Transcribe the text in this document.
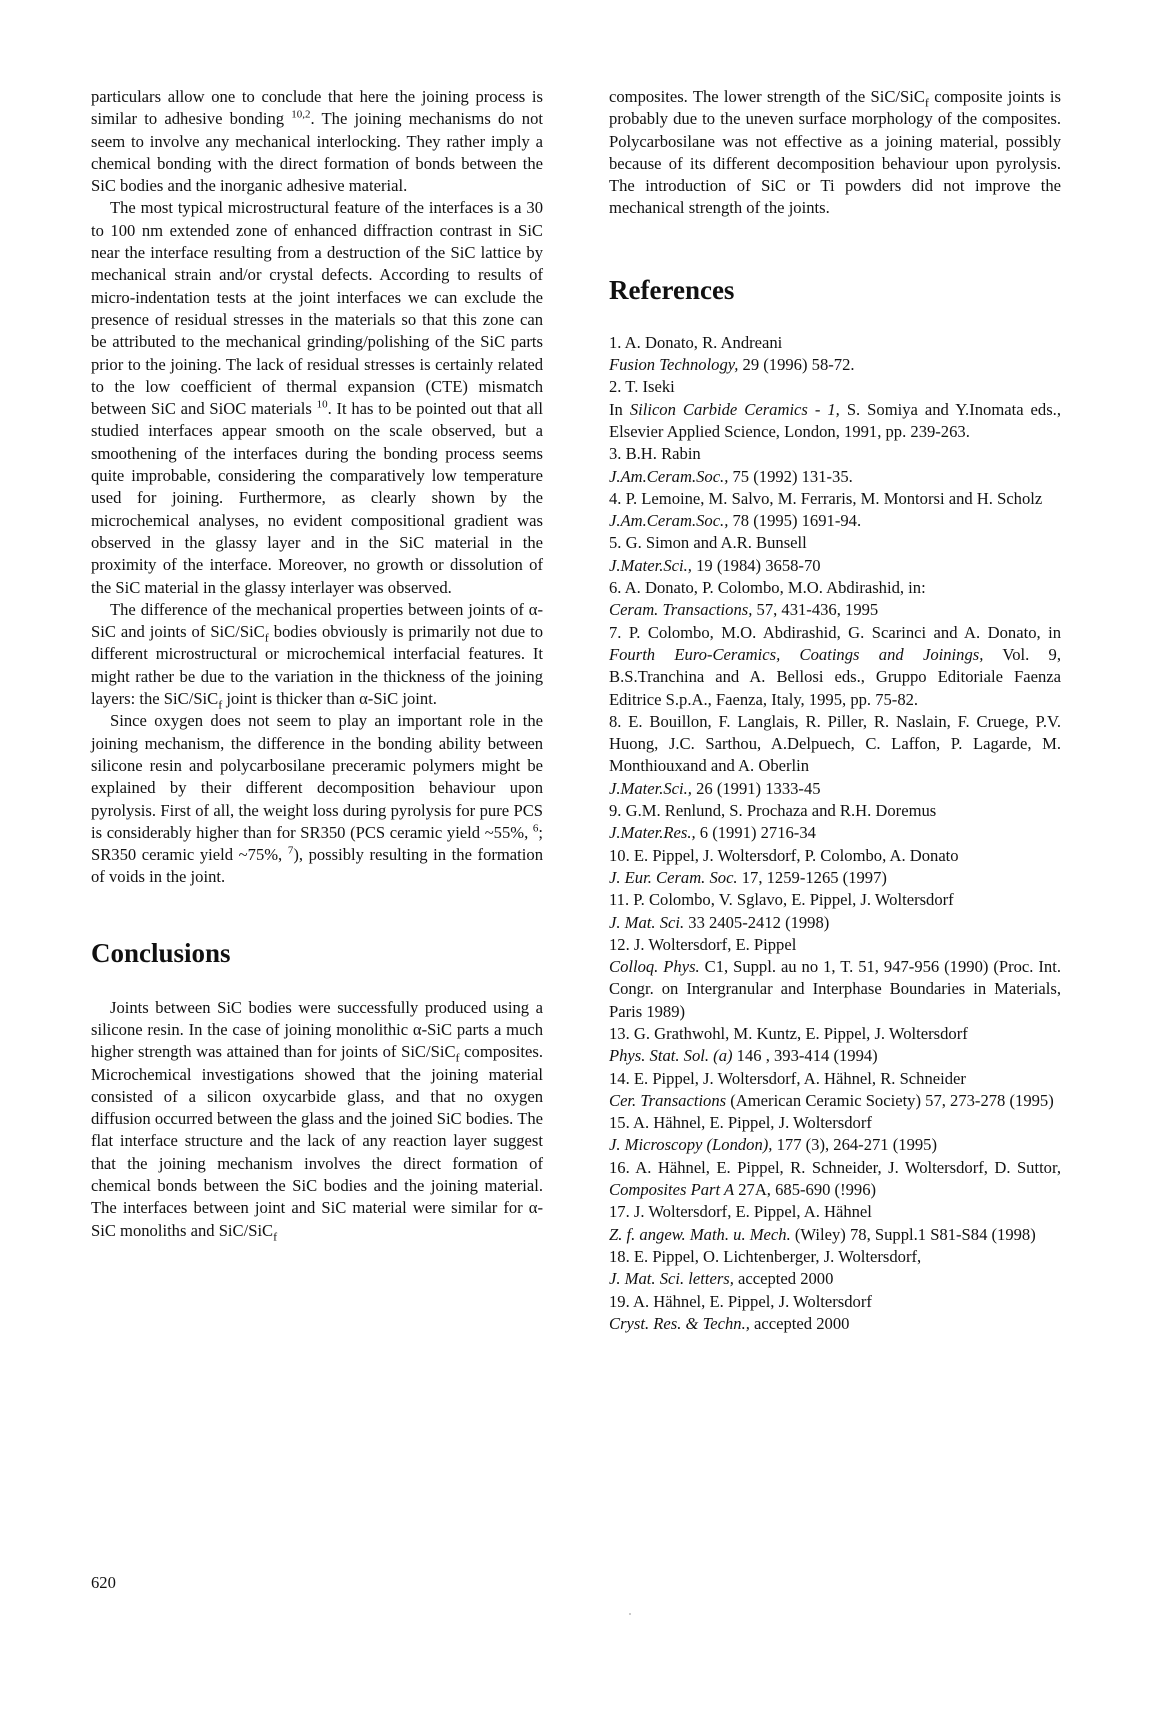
particulars allow one to conclude that here the joining process is similar to adhesive bonding $^{10,2}$. The joining mechanisms do not seem to involve any mechanical interlocking. They rather imply a chemical bonding with the direct formation of bonds between the SiC bodies and the inorganic adhesive material.

The most typical microstructural feature of the interfaces is a 30 to 100 nm extended zone of enhanced diffraction contrast in SiC near the interface resulting from a destruction of the SiC lattice by mechanical strain and/or crystal defects. According to results of micro-indentation tests at the joint interfaces we can exclude the presence of residual stresses in the materials so that this zone can be attributed to the mechanical grinding/polishing of the SiC parts prior to the joining. The lack of residual stresses is certainly related to the low coefficient of thermal expansion (CTE) mismatch between SiC and SiOC materials $^{10}$. It has to be pointed out that all studied interfaces appear smooth on the scale observed, but a smoothening of the interfaces during the bonding process seems quite improbable, considering the comparatively low temperature used for joining. Furthermore, as clearly shown by the microchemical analyses, no evident compositional gradient was observed in the glassy layer and in the SiC material in the proximity of the interface. Moreover, no growth or dissolution of the SiC material in the glassy interlayer was observed.

The difference of the mechanical properties between joints of α-SiC and joints of SiC/SiC$_f$ bodies obviously is primarily not due to different microstructural or microchemical interfacial features. It might rather be due to the variation in the thickness of the joining layers: the SiC/SiC$_f$ joint is thicker than α-SiC joint.

Since oxygen does not seem to play an important role in the joining mechanism, the difference in the bonding ability between silicone resin and polycarbosilane preceramic polymers might be explained by their different decomposition behaviour upon pyrolysis. First of all, the weight loss during pyrolysis for pure PCS is considerably higher than for SR350 (PCS ceramic yield ~55%, $^6$; SR350 ceramic yield ~75%, $^7$), possibly resulting in the formation of voids in the joint.

Conclusions

Joints between SiC bodies were successfully produced using a silicone resin. In the case of joining monolithic α-SiC parts a much higher strength was attained than for joints of SiC/SiC$_f$ composites. Microchemical investigations showed that the joining material consisted of a silicon oxycarbide glass, and that no oxygen diffusion occurred between the glass and the joined SiC bodies. The flat interface structure and the lack of any reaction layer suggest that the joining mechanism involves the direct formation of chemical bonds between the SiC bodies and the joining material. The interfaces between joint and SiC material were similar for α-SiC monoliths and SiC/SiC$_f$

composites. The lower strength of the SiC/SiC$_f$ composite joints is probably due to the uneven surface morphology of the composites. Polycarbosilane was not effective as a joining material, possibly because of its different decomposition behaviour upon pyrolysis. The introduction of SiC or Ti powders did not improve the mechanical strength of the joints.

References
1. A. Donato, R. Andreani
Fusion Technology, 29 (1996) 58-72.
2. T. Iseki
In Silicon Carbide Ceramics - 1, S. Somiya and Y.Inomata eds., Elsevier Applied Science, London, 1991, pp. 239-263.
3. B.H. Rabin
J.Am.Ceram.Soc., 75 (1992) 131-35.
4. P. Lemoine, M. Salvo, M. Ferraris, M. Montorsi and H. Scholz
J.Am.Ceram.Soc., 78 (1995) 1691-94.
5. G. Simon and A.R. Bunsell
J.Mater.Sci., 19 (1984) 3658-70
6. A. Donato, P. Colombo, M.O. Abdirashid, in:
Ceram. Transactions, 57, 431-436, 1995
7. P. Colombo, M.O. Abdirashid, G. Scarinci and A. Donato, in Fourth Euro-Ceramics, Coatings and Joinings, Vol. 9, B.S.Tranchina and A. Bellosi eds., Gruppo Editoriale Faenza Editrice S.p.A., Faenza, Italy, 1995, pp. 75-82.
8. E. Bouillon, F. Langlais, R. Piller, R. Naslain, F. Cruege, P.V. Huong, J.C. Sarthou, A.Delpuech, C. Laffon, P. Lagarde, M. Monthiouxand and A. Oberlin
J.Mater.Sci., 26 (1991) 1333-45
9. G.M. Renlund, S. Prochaza and R.H. Doremus
J.Mater.Res., 6 (1991) 2716-34
10. E. Pippel, J. Woltersdorf, P. Colombo, A. Donato
J. Eur. Ceram. Soc. 17, 1259-1265 (1997)
11. P. Colombo, V. Sglavo, E. Pippel, J. Woltersdorf
J. Mat. Sci. 33 2405-2412 (1998)
12. J. Woltersdorf, E. Pippel
Colloq. Phys. C1, Suppl. au no 1, T. 51, 947-956 (1990) (Proc. Int. Congr. on Intergranular and Interphase Boundaries in Materials, Paris 1989)
13. G. Grathwohl, M. Kuntz, E. Pippel, J. Woltersdorf
Phys. Stat. Sol. (a) 146 , 393-414 (1994)
14. E. Pippel, J. Woltersdorf, A. Hähnel, R. Schneider
Cer. Transactions (American Ceramic Society) 57, 273-278 (1995)
15. A. Hähnel, E. Pippel, J. Woltersdorf
J. Microscopy (London), 177 (3), 264-271 (1995)
16. A. Hähnel, E. Pippel, R. Schneider, J. Woltersdorf, D. Suttor, Composites Part A 27A, 685-690 (!996)
17. J. Woltersdorf, E. Pippel, A. Hähnel
Z. f. angew. Math. u. Mech. (Wiley) 78, Suppl.1 S81-S84 (1998)
18. E. Pippel, O. Lichtenberger, J. Woltersdorf,
J. Mat. Sci. letters, accepted 2000
19. A. Hähnel, E. Pippel, J. Woltersdorf
Cryst. Res. & Techn., accepted 2000
620
